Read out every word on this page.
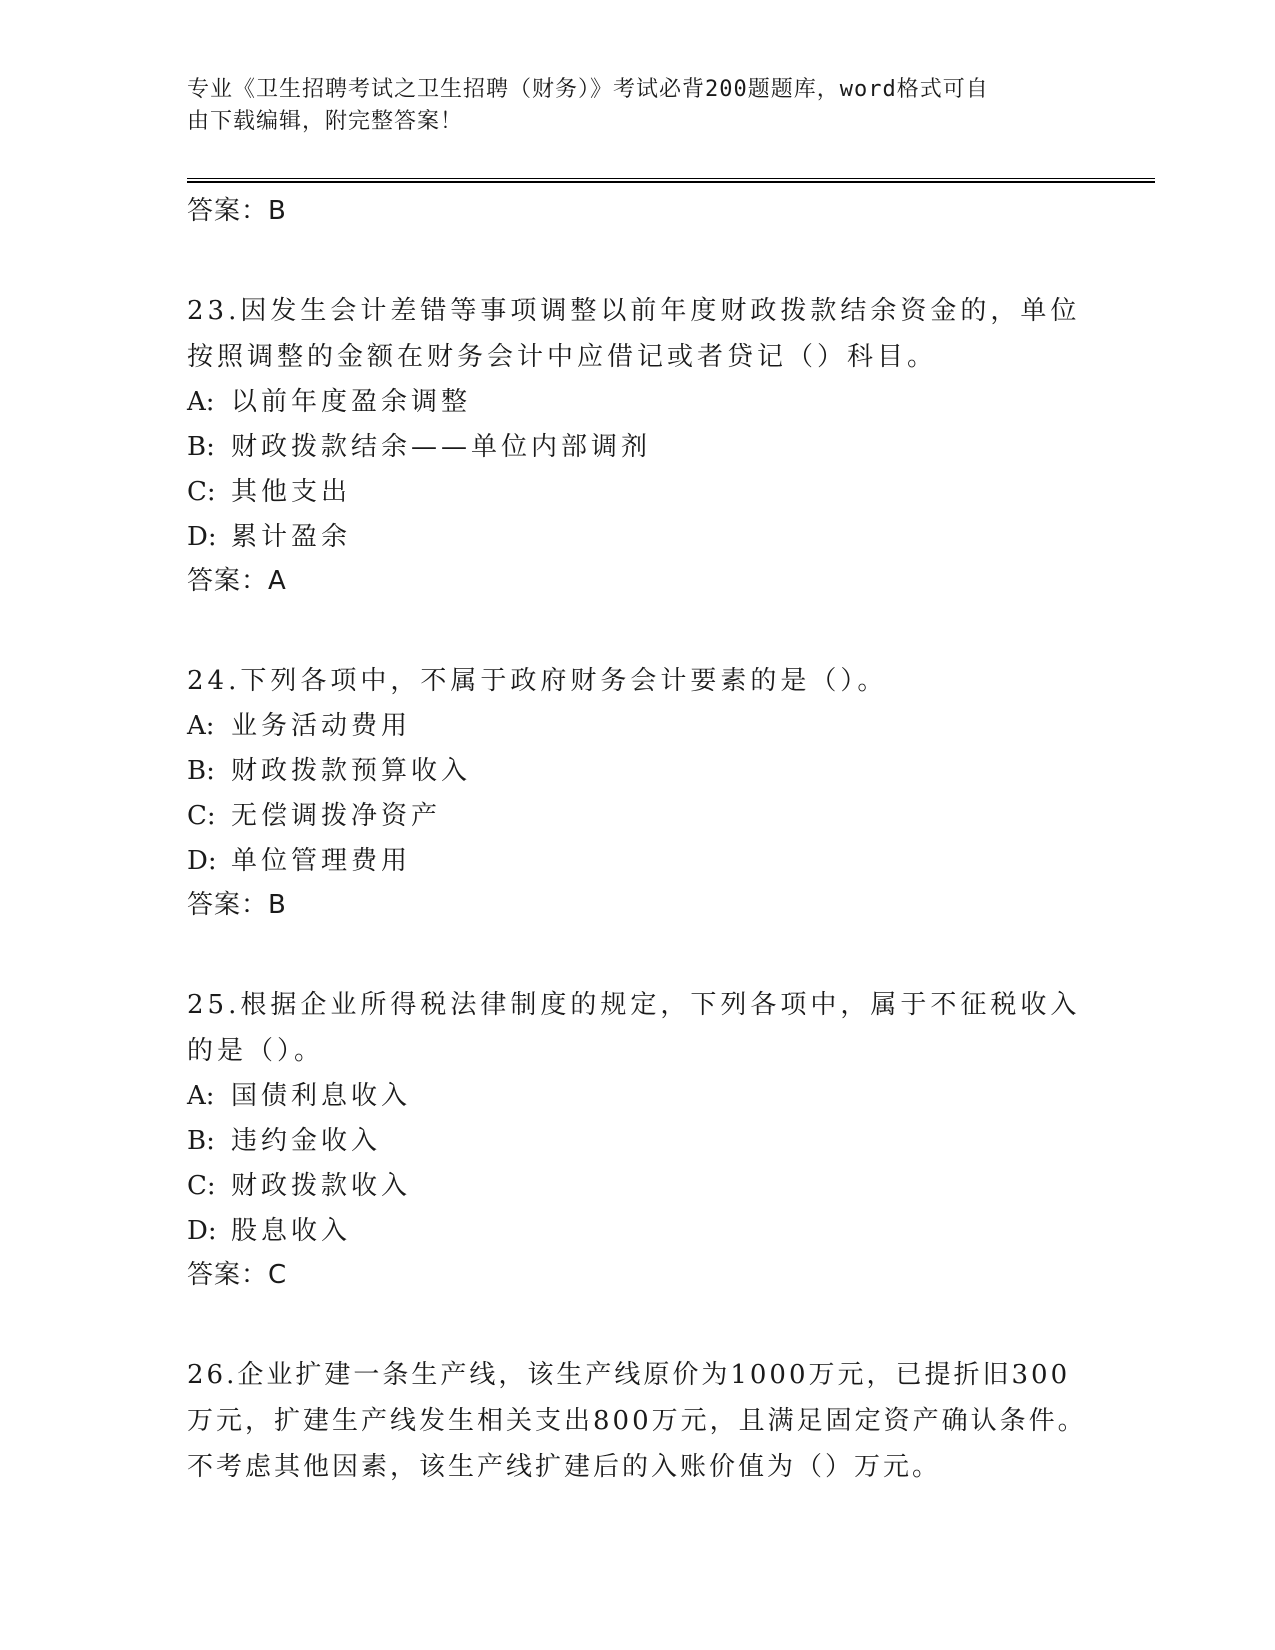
专业《卫生招聘考试之卫生招聘（财务）》考试必背200题题库，word格式可自
由下载编辑，附完整答案！
答案：B

23.因发生会计差错等事项调整以前年度财政拨款结余资金的，单位按照调整的金额在财务会计中应借记或者贷记（）科目。

A: 以前年度盈余调整
B: 财政拨款结余——单位内部调剂
C: 其他支出
D: 累计盈余
答案：A

24.下列各项中，不属于政府财务会计要素的是（）。

A: 业务活动费用
B: 财政拨款预算收入
C: 无偿调拨净资产
D: 单位管理费用
答案：B

25.根据企业所得税法律制度的规定，下列各项中，属于不征税收入的是（）。

A: 国债利息收入
B: 违约金收入
C: 财政拨款收入
D: 股息收入
答案：C

26.企业扩建一条生产线，该生产线原价为1000万元，已提折旧300万元，扩建生产线发生相关支出800万元，且满足固定资产确认条件。不考虑其他因素，该生产线扩建后的入账价值为（）万元。
